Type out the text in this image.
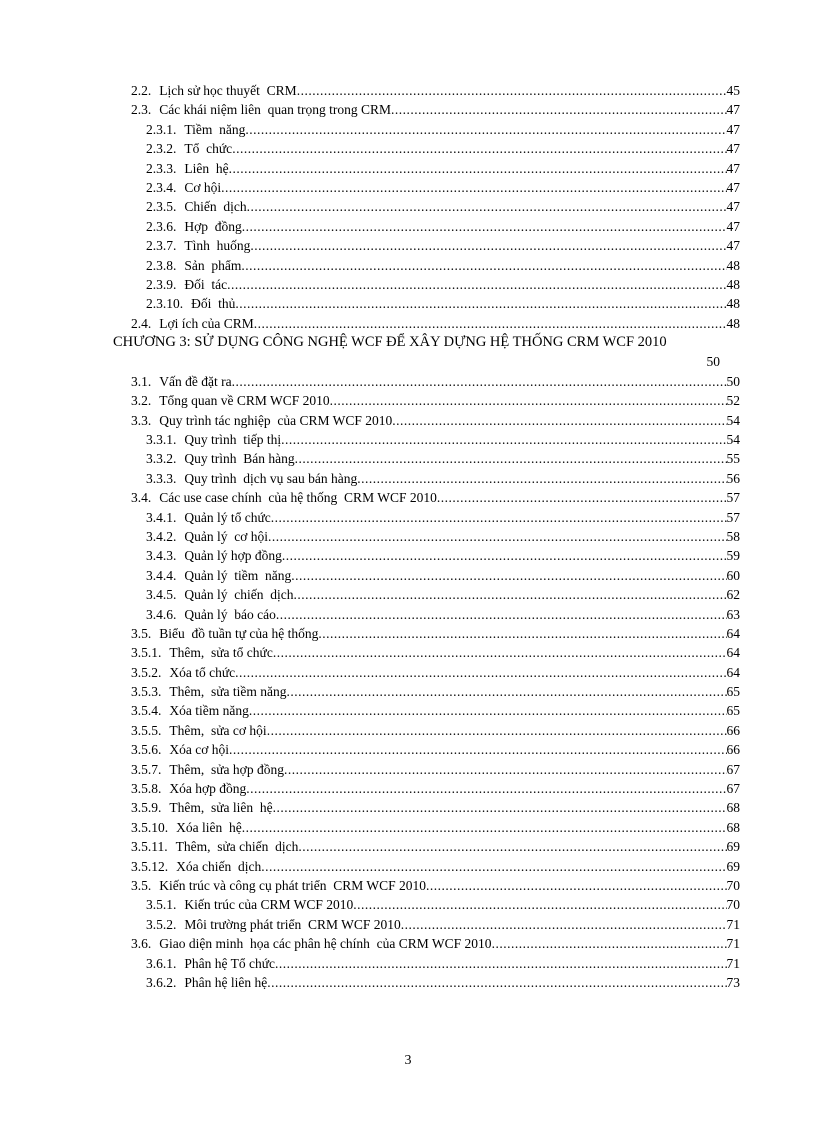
2.2. Lịch sử học thuyết  CRM .....	45
2.3. Các khái niệm liên  quan trọng trong CRM .....	47
2.3.1. Tiềm  năng .....	47
2.3.2. Tổ  chức .....	47
2.3.3. Liên  hệ .....	47
2.3.4. Cơ hội .....	47
2.3.5. Chiến  dịch .....	47
2.3.6. Hợp  đồng .....	47
2.3.7. Tình  huống .....	47
2.3.8. Sản  phẩm .....	48
2.3.9. Đối  tác .....	48
2.3.10. Đối  thủ .....	48
2.4. Lợi ích của CRM .....	48
CHƯƠNG 3: SỬ DỤNG CÔNG NGHỆ WCF ĐỂ XÂY DỰNG HỆ THỐNG CRM WCF 2010
50
3.1. Vấn đề đặt ra .....	50
3.2. Tổng quan về CRM WCF 2010 .....	52
3.3. Quy trình tác nghiệp  của CRM WCF 2010 .....	54
3.3.1. Quy trình  tiếp thị .....	54
3.3.2. Quy trình  Bán hàng .....	55
3.3.3. Quy trình  dịch vụ sau bán hàng .....	56
3.4. Các use case chính  của hệ thống  CRM WCF 2010 .....	57
3.4.1. Quản lý tổ chức .....	57
3.4.2. Quản lý  cơ hội .....	58
3.4.3. Quản lý hợp đồng .....	59
3.4.4. Quản lý  tiềm  năng .....	60
3.4.5. Quản lý  chiến  dịch .....	62
3.4.6. Quản lý  báo cáo .....	63
3.5. Biểu  đồ tuần tự của hệ thống .....	64
3.5.1. Thêm,  sửa tổ chức .....	64
3.5.2. Xóa tổ chức .....	64
3.5.3. Thêm,  sửa tiềm năng .....	65
3.5.4. Xóa tiềm năng .....	65
3.5.5. Thêm,  sửa cơ hội .....	66
3.5.6. Xóa cơ hội .....	66
3.5.7. Thêm,  sửa hợp đồng .....	67
3.5.8. Xóa hợp đồng .....	67
3.5.9. Thêm,  sửa liên  hệ .....	68
3.5.10. Xóa liên  hệ .....	68
3.5.11. Thêm,  sửa chiến  dịch .....	69
3.5.12. Xóa chiến  dịch .....	69
3.5. Kiến trúc và công cụ phát triển  CRM WCF 2010 .....	70
3.5.1. Kiến trúc của CRM WCF 2010 .....	70
3.5.2. Môi trường phát triển  CRM WCF 2010 .....	71
3.6. Giao diện minh  họa các phân hệ chính  của CRM WCF 2010 .....	71
3.6.1. Phân hệ Tổ chức .....	71
3.6.2. Phân hệ liên hệ .....	73
3
